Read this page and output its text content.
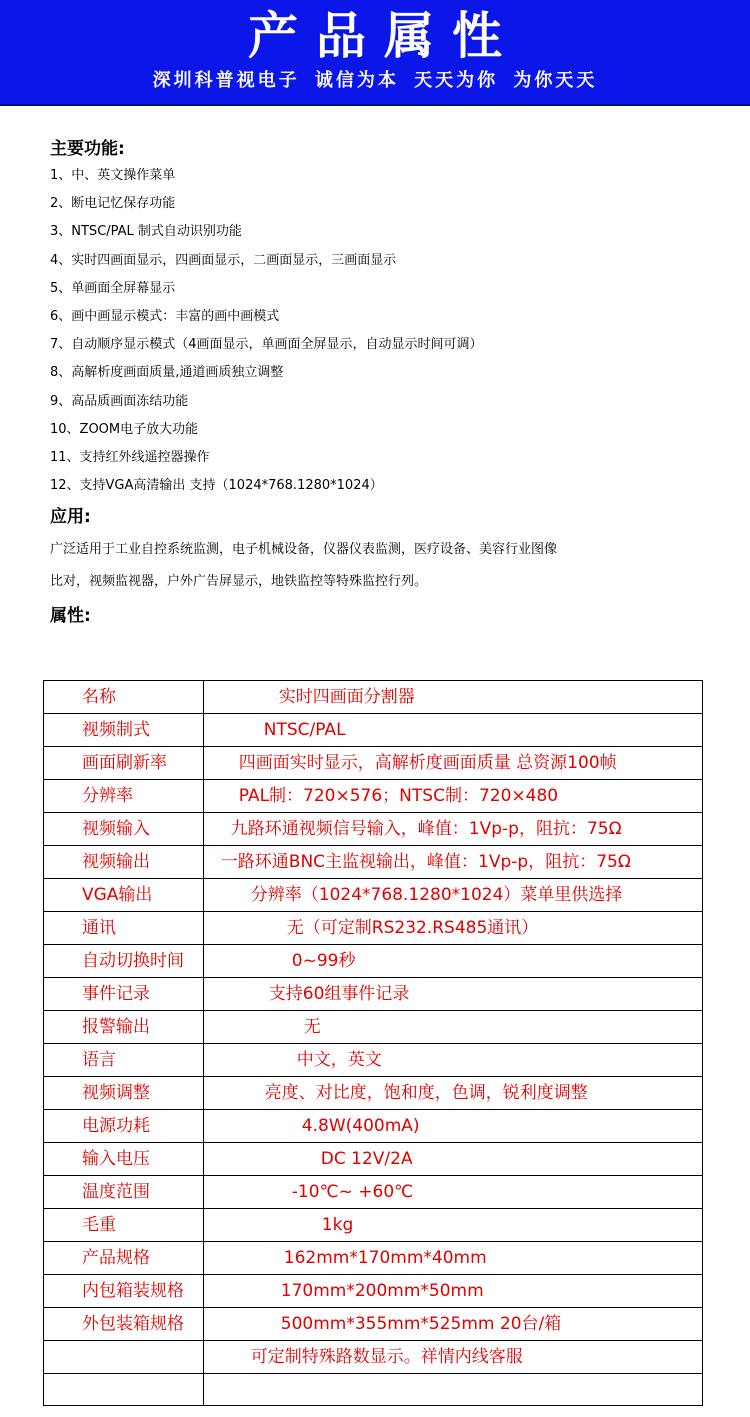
产品属性
深圳科普视电子 诚信为本 天天为你 为你天天
主要功能:
1、中、英文操作菜单
2、断电记忆保存功能
3、NTSC/PAL 制式自动识别功能
4、实时四画面显示，四画面显示，二画面显示，三画面显示
5、单画面全屏幕显示
6、画中画显示模式：丰富的画中画模式
7、自动顺序显示模式（4画面显示，单画面全屏显示，自动显示时间可调）
8、高解析度画面质量,通道画质独立调整
9、高品质画面冻结功能
10、ZOOM电子放大功能
11、支持红外线遥控器操作
12、支持VGA高清输出 支持（1024*768.1280*1024）
应用:
广泛适用于工业自控系统监测，电子机械设备，仪器仪表监测，医疗设备、美容行业图像
比对，视频监视器，户外广告屏显示，地铁监控等特殊监控行列。
属性:
名称	实时四画面分割器
视频制式	NTSC/PAL
画面刷新率	四画面实时显示，高解析度画面质量 总资源100帧
分辨率	PAL制：720×576；NTSC制：720×480
视频输入	九路环通视频信号输入，峰值：1Vp-p，阻抗：75Ω
视频输出	一路环通BNC主监视输出，峰值：1Vp-p，阻抗：75Ω
VGA输出	分辨率（1024*768.1280*1024）菜单里供选择
通讯	无（可定制RS232.RS485通讯）
自动切换时间	0~99秒
事件记录	支持60组事件记录
报警输出	无
语言	中文，英文
视频调整	亮度、对比度，饱和度，色调，锐利度调整
电源功耗	4.8W(400mA)
输入电压	DC 12V/2A
温度范围	-10℃~ +60℃
毛重	1kg
产品规格	162mm*170mm*40mm
内包箱装规格	170mm*200mm*50mm
外包装箱规格	500mm*355mm*525mm 20台/箱
	可定制特殊路数显示。祥情内线客服
